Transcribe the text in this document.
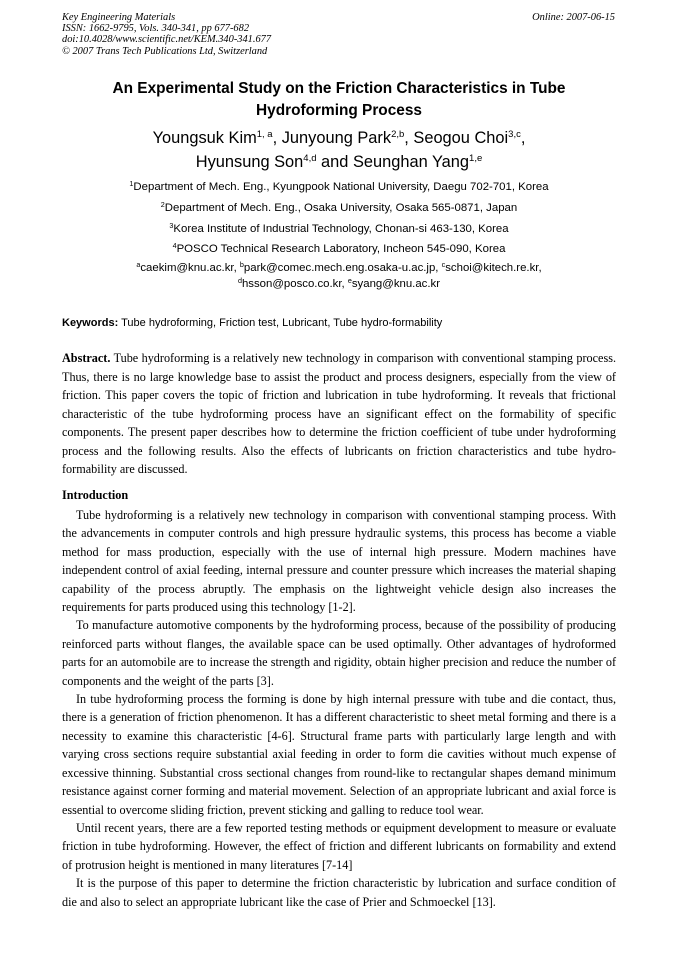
Key Engineering Materials
ISSN: 1662-9795, Vols. 340-341, pp 677-682
doi:10.4028/www.scientific.net/KEM.340-341.677
© 2007 Trans Tech Publications Ltd, Switzerland
Online: 2007-06-15
An Experimental Study on the Friction Characteristics in Tube
Hydroforming Process
Youngsuk Kim$^{1, a}$, Junyoung Park$^{2,b}$, Seogou Choi$^{3,c}$,
Hyunsung Son$^{4,d}$ and Seunghan Yang$^{1,e}$
$^1$Department of Mech. Eng., Kyungpook National University, Daegu 702-701, Korea
$^2$Department of Mech. Eng., Osaka University, Osaka 565-0871, Japan
$^3$Korea Institute of Industrial Technology, Chonan-si 463-130, Korea
$^4$POSCO Technical Research Laboratory, Incheon 545-090, Korea
$^a$caekim@knu.ac.kr, $^b$park@comec.mech.eng.osaka-u.ac.jp, $^c$schoi@kitech.re.kr,
$^d$hsson@posco.co.kr, $^e$syang@knu.ac.kr
Keywords: Tube hydroforming, Friction test, Lubricant, Tube hydro-formability
Abstract. Tube hydroforming is a relatively new technology in comparison with conventional stamping process. Thus, there is no large knowledge base to assist the product and process designers, especially from the view of friction. This paper covers the topic of friction and lubrication in tube hydroforming. It reveals that frictional characteristic of the tube hydroforming process have an significant effect on the formability of specific components. The present paper describes how to determine the friction coefficient of tube under hydroforming process and the following results. Also the effects of lubricants on friction characteristics and tube hydro- formability are discussed.
Introduction

Tube hydroforming is a relatively new technology in comparison with conventional stamping process. With the advancements in computer controls and high pressure hydraulic systems, this process has become a viable method for mass production, especially with the use of internal high pressure. Modern machines have independent control of axial feeding, internal pressure and counter pressure which increases the material shaping capability of the process abruptly. The emphasis on the lightweight vehicle design also increases the requirements for parts produced using this technology [1-2].

To manufacture automotive components by the hydroforming process, because of the possibility of producing reinforced parts without flanges, the available space can be used optimally. Other advantages of hydroformed parts for an automobile are to increase the strength and rigidity, obtain higher precision and reduce the number of components and the weight of the parts [3].

In tube hydroforming process the forming is done by high internal pressure with tube and die contact, thus, there is a generation of friction phenomenon. It has a different characteristic to sheet metal forming and there is a necessity to examine this characteristic [4-6]. Structural frame parts with particularly large length and with varying cross sections require substantial axial feeding in order to form die cavities without much expense of excessive thinning. Substantial cross sectional changes from round-like to rectangular shapes demand minimum resistance against corner forming and material movement. Selection of an appropriate lubricant and axial force is essential to overcome sliding friction, prevent sticking and galling to reduce tool wear.

Until recent years, there are a few reported testing methods or equipment development to measure or evaluate friction in tube hydroforming. However, the effect of friction and different lubricants on formability and extend of protrusion height is mentioned in many literatures [7-14]

It is the purpose of this paper to determine the friction characteristic by lubrication and surface condition of die and also to select an appropriate lubricant like the case of Prier and Schmoeckel [13].
